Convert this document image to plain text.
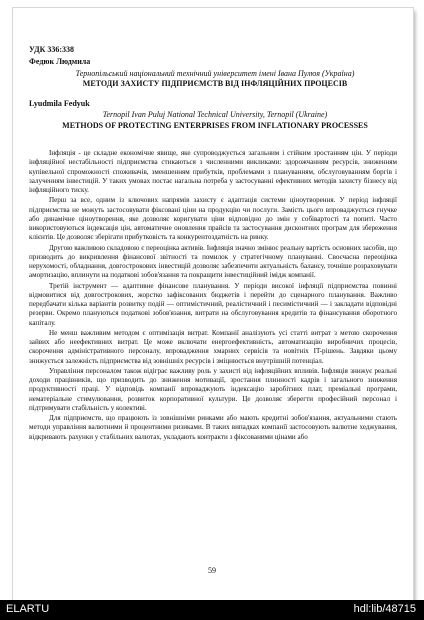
УДК 336:338
Федюк Людмила
Тернопільський національний технічний університет імені Івана Пулюя (Україна)
МЕТОДИ ЗАХИСТУ ПІДПРИЄМСТВ ВІД ІНФЛЯЦІЙНИХ ПРОЦЕСІВ
Lyudmila Fedyuk
Ternopil Ivan Puluj National Technical University, Ternopil (Ukraine)
METHODS OF PROTECTING ENTERPRISES FROM INFLATIONARY PROCESSES

Інфляція - це складне економічне явище, яке супроводжується загальним і стійким зростанням цін. У періоди інфляційної нестабільності підприємства стикаються з численними викликами: здорожчанням ресурсів, зниженням купівельної спроможності споживачів, зменшенням прибутків, проблемами з плануванням, обслуговуванням боргів і залученням інвестицій. У таких умовах постає нагальна потреба у застосуванні ефективних методів захисту бізнесу від інфляційного тиску.

Перш за все, одним із ключових напрямів захисту є адаптація системи ціноутворення. У період інфляції підприємства не можуть застосовувати фіксовані ціни на продукцію чи послуги. Замість цього впроваджується гнучке або динамічне ціноутворення, яке дозволяє коригувати ціни відповідно до змін у собівартості та попиті. Часто використовуються індексація цін, автоматичне оновлення прайсів та застосування дисконтних програм для збереження клієнтів. Це дозволяє зберігати прибутковість та конкурентоздатність на ринку.

Другою важливою складовою є переоцінка активів. Інфляція значно змінює реальну вартість основних засобів, що призводить до викривлення фінансової звітності та помилок у стратегічному плануванні. Своєчасна переоцінка нерухомості, обладнання, довгострокових інвестицій дозволяє забезпечити актуальність балансу, точніше розраховувати амортизацію, вплинути на податкові зобов'язання та покращити інвестиційний імідж компанії.

Третій інструмент — адаптивне фінансове планування. У періоди високої інфляції підприємства повинні відмовитися від довгострокових, жорстко зафіксованих бюджетів і перейти до сценарного планування. Важливо передбачати кілька варіантів розвитку подій — оптимістичний, реалістичний і песимістичний — і закладати відповідні резерви. Окремо плануються податкові зобов'язання, витрати на обслуговування кредитів та фінансування оборотного капіталу.

Не менш важливим методом є оптимізація витрат. Компанії аналізують усі статті витрат з метою скорочення зайвих або неефективних витрат. Це може включати енергоефективність, автоматизацію виробничих процесів, скорочення адміністративного персоналу, впровадження хмарних сервісів та новітніх IT-рішень. Завдяки цьому знижується залежність підприємства від зовнішніх ресурсів і зміцнюється внутрішній потенціал.

Управління персоналом також відіграє важливу роль у захисті від інфляційних впливів. Інфляція знижує реальні доходи працівників, що призводить до зниження мотивації, зростання плинності кадрів і загального зниження продуктивності праці. У відповідь компанії впроваджують індексацію заробітних плат, преміальні програми, нематеріальне стимулювання, розвиток корпоративної культури. Це дозволяє зберегти професійний персонал і підтримувати стабільність у колективі.

Для підприємств, що працюють із зовнішніми ринками або мають кредитні зобов'язання, актуальними стають методи управління валютними й процентними ризиками. В таких випадках компанії застосовують валютне хеджування, відкривають рахунки у стабільних валютах, укладають контракти з фіксованими цінами або

59
ELARTU	hdl:lib/48715
